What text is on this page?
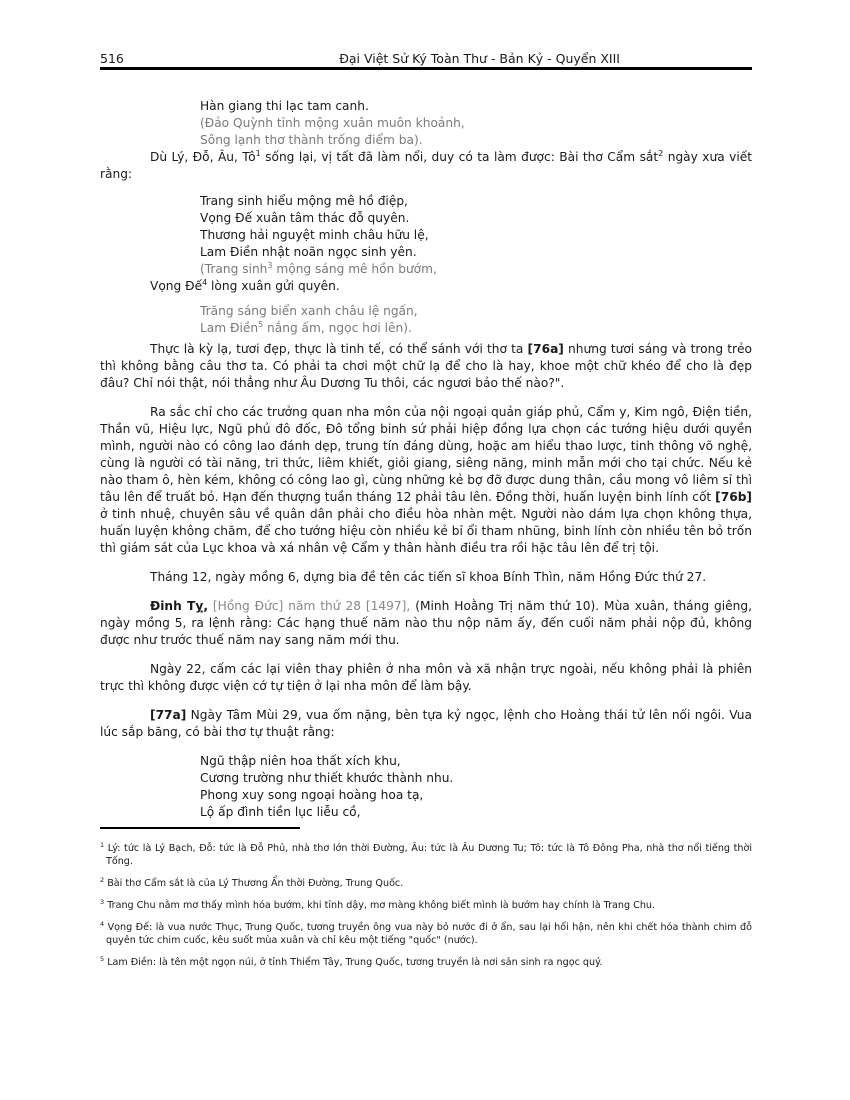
516	Đại Việt Sử Ký Toàn Thư - Bản Kỷ - Quyển XIII
Hàn giang thi lạc tam canh.
(Đảo Quỳnh tỉnh mộng xuân muôn khoảnh,
Sông lạnh thơ thành trống điểm ba).

Dù Lý, Đỗ, Âu, $Tô^1$ sống lại, vị tất đã làm nổi, duy có ta làm được: Bài thơ Cẩm sắt$^2$ ngày xưa viết rằng:

Trang sinh hiểu mộng mê hồ điệp,
Vọng Đế xuân tâm thác đỗ quyên.
Thương hải nguyệt minh châu hữu lệ,
Lam Điền nhật noãn ngọc sinh yên.
(Trang $\sinh^3$ mộng sáng mê hồn bướm,

Vọng Đế$^4$ lòng xuân gửi quyên.

Trăng sáng biển xanh châu lệ ngấn,
Lam Điền$^5$ nắng ấm, ngọc hơi lên).

Thực là kỳ lạ, tươi đẹp, thực là tinh tế, có thể sánh với thơ ta [76a] nhưng tươi sáng và trong trẻo thì không bằng câu thơ ta. Có phải ta chơi một chữ lạ để cho là hay, khoe một chữ khéo để cho là đẹp đâu? Chỉ nói thật, nói thẳng như Âu Dương Tu thôi, các ngươi bảo thế nào?".

Ra sắc chỉ cho các trưởng quan nha môn của nội ngoại quản giáp phủ, Cẩm y, Kim ngô, Điện tiền, Thần vũ, Hiệu lực, Ngũ phủ đô đốc, Đô tổng binh sứ phải hiệp đồng lựa chọn các tướng hiệu dưới quyền mình, người nào có công lao đánh dẹp, trung tín đáng dùng, hoặc am hiểu thao lược, tinh thông võ nghệ, cùng là người có tài năng, tri thức, liêm khiết, giỏi giang, siêng năng, minh mẫn mới cho tại chức. Nếu kẻ nào tham ô, hèn kém, không có công lao gì, cùng những kẻ bợ đỡ được dung thân, cầu mong vô liêm sỉ thì tâu lên để truất bỏ. Hạn đến thượng tuần tháng 12 phải tâu lên. Đồng thời, huấn luyện binh lính cốt [76b] ở tinh nhuệ, chuyên sâu về quân dân phải cho điều hòa nhàn mệt. Người nào dám lựa chọn không thựa, huấn luyện không chăm, để cho tướng hiệu còn nhiều kẻ bỉ ổi tham nhũng, binh lính còn nhiều tên bỏ trốn thì giám sát của Lục khoa và xá nhân vệ Cẩm y thân hành điều tra rồi hặc tâu lên để trị tội.

Tháng 12, ngày mồng 6, dựng bia đề tên các tiến sĩ khoa Bính Thìn, năm Hồng Đức thứ 27.

Đinh Tỵ, [Hồng Đức] năm thứ 28 [1497], (Minh Hoằng Trị năm thứ 10). Mùa xuân, tháng giêng, ngày mồng 5, ra lệnh rằng: Các hạng thuế năm nào thu nộp năm ấy, đến cuối năm phải nộp đủ, không được như trước thuế năm nay sang năm mới thu.

Ngày 22, cấm các lại viên thay phiên ở nha môn và xã nhận trực ngoài, nếu không phải là phiên trực thì không được viện cớ tự tiện ở lại nha môn để làm bậy.

[77a] Ngày Tâm Mùi 29, vua ốm nặng, bèn tựa kỷ ngọc, lệnh cho Hoàng thái tử lên nối ngôi. Vua lúc sắp băng, có bài thơ tự thuật rằng:

Ngũ thập niên hoa thất xích khu,
Cương trường như thiết khước thành nhu.
Phong xuy song ngoại hoàng hoa tạ,
Lộ ấp đình tiền lục liễu cồ,
$^1$ Lý: tức là Lý Bạch, Đỗ: tức là Đỗ Phủ, nhà thơ lớn thời Đường, Âu: tức là Âu Dương Tu; Tô: tức là Tô Đông Pha, nhà thơ nổi tiếng thời Tống.
$^2$ Bài thơ Cẩm sắt là của Lý Thương Ẩn thời Đường, Trung Quốc.
$^3$ Trang Chu nằm mơ thấy mình hóa bướm, khi tỉnh dậy, mơ màng không biết mình là bướm hay chính là Trang Chu.
$^4$ Vọng Đế: là vua nước Thục, Trung Quốc, tương truyền ông vua này bỏ nước đi ở ẩn, sau lại hối hận, nên khi chết hóa thành chim đỗ quyên tức chim cuốc, kêu suốt mùa xuân và chỉ kêu một tiếng "quốc" (nước).
$^5$ Lam Điền: là tên một ngọn núi, ở tỉnh Thiểm Tây, Trung Quốc, tương truyền là nơi sản sinh ra ngọc quý.
